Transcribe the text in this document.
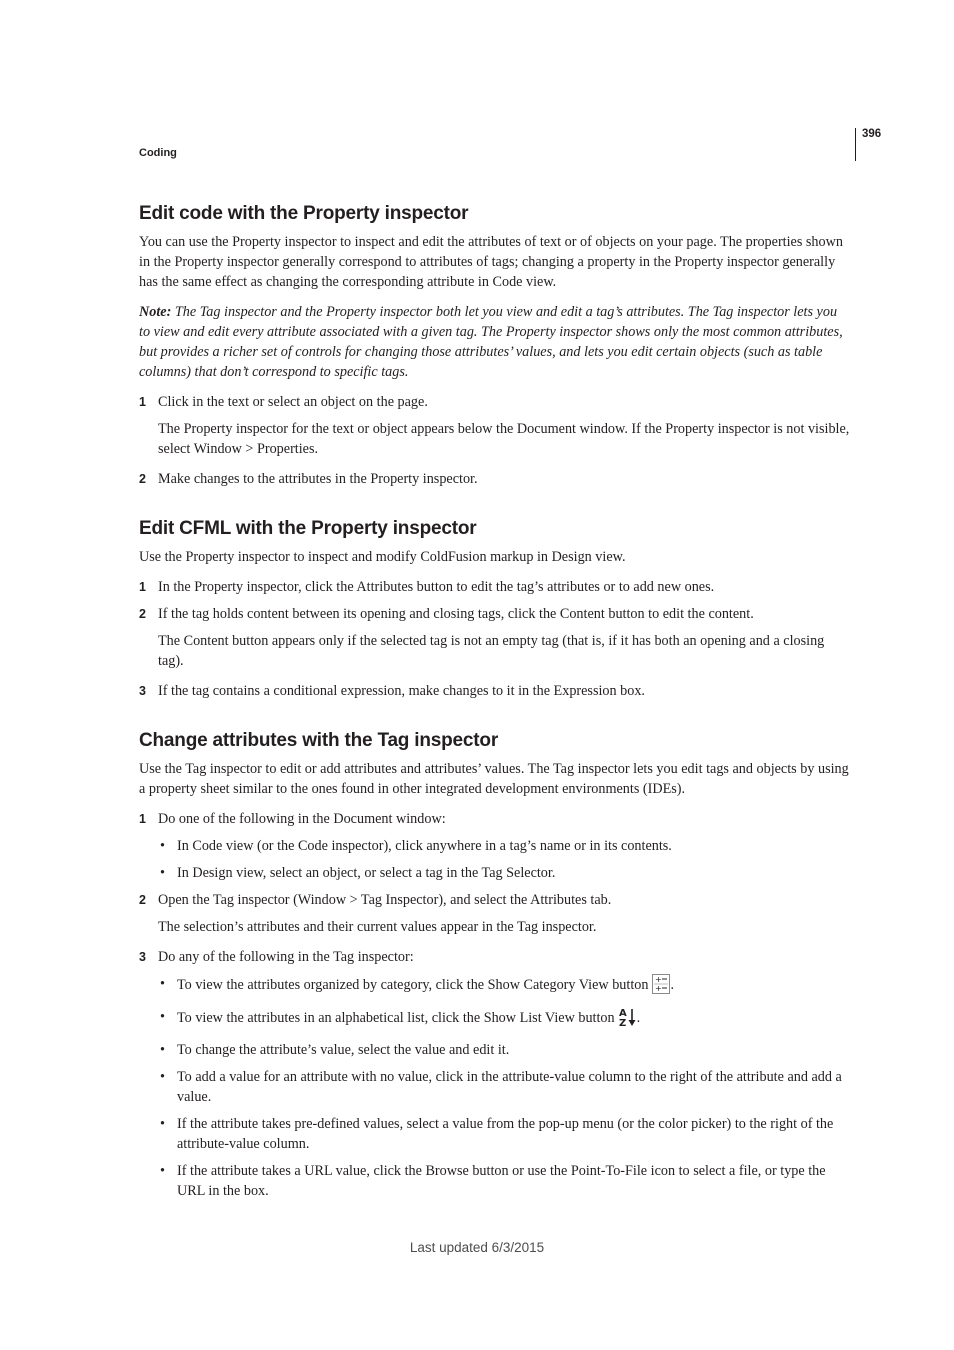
396
Coding
Edit code with the Property inspector

You can use the Property inspector to inspect and edit the attributes of text or of objects on your page. The properties shown in the Property inspector generally correspond to attributes of tags; changing a property in the Property inspector generally has the same effect as changing the corresponding attribute in Code view.

Note: The Tag inspector and the Property inspector both let you view and edit a tag’s attributes. The Tag inspector lets you to view and edit every attribute associated with a given tag. The Property inspector shows only the most common attributes, but provides a richer set of controls for changing those attributes’ values, and lets you edit certain objects (such as table columns) that don’t correspond to specific tags.

1 Click in the text or select an object on the page.
The Property inspector for the text or object appears below the Document window. If the Property inspector is not visible, select Window > Properties.
2 Make changes to the attributes in the Property inspector.
Edit CFML with the Property inspector

Use the Property inspector to inspect and modify ColdFusion markup in Design view.

1 In the Property inspector, click the Attributes button to edit the tag’s attributes or to add new ones.
2 If the tag holds content between its opening and closing tags, click the Content button to edit the content.
The Content button appears only if the selected tag is not an empty tag (that is, if it has both an opening and a closing tag).
3 If the tag contains a conditional expression, make changes to it in the Expression box.
Change attributes with the Tag inspector

Use the Tag inspector to edit or add attributes and attributes’ values. The Tag inspector lets you edit tags and objects by using a property sheet similar to the ones found in other integrated development environments (IDEs).

1 Do one of the following in the Document window:
• In Code view (or the Code inspector), click anywhere in a tag’s name or in its contents.
• In Design view, select an object, or select a tag in the Tag Selector.
2 Open the Tag inspector (Window > Tag Inspector), and select the Attributes tab.
The selection’s attributes and their current values appear in the Tag inspector.
3 Do any of the following in the Tag inspector:
• To view the attributes organized by category, click the Show Category View button +
+ .
• To view the attributes in an alphabetical list, click the Show List View button A
Z .
• To change the attribute’s value, select the value and edit it.
• To add a value for an attribute with no value, click in the attribute-value column to the right of the attribute and add a value.
• If the attribute takes pre-defined values, select a value from the pop-up menu (or the color picker) to the right of the attribute-value column.
• If the attribute takes a URL value, click the Browse button or use the Point-To-File icon to select a file, or type the URL in the box.
Last updated 6/3/2015
